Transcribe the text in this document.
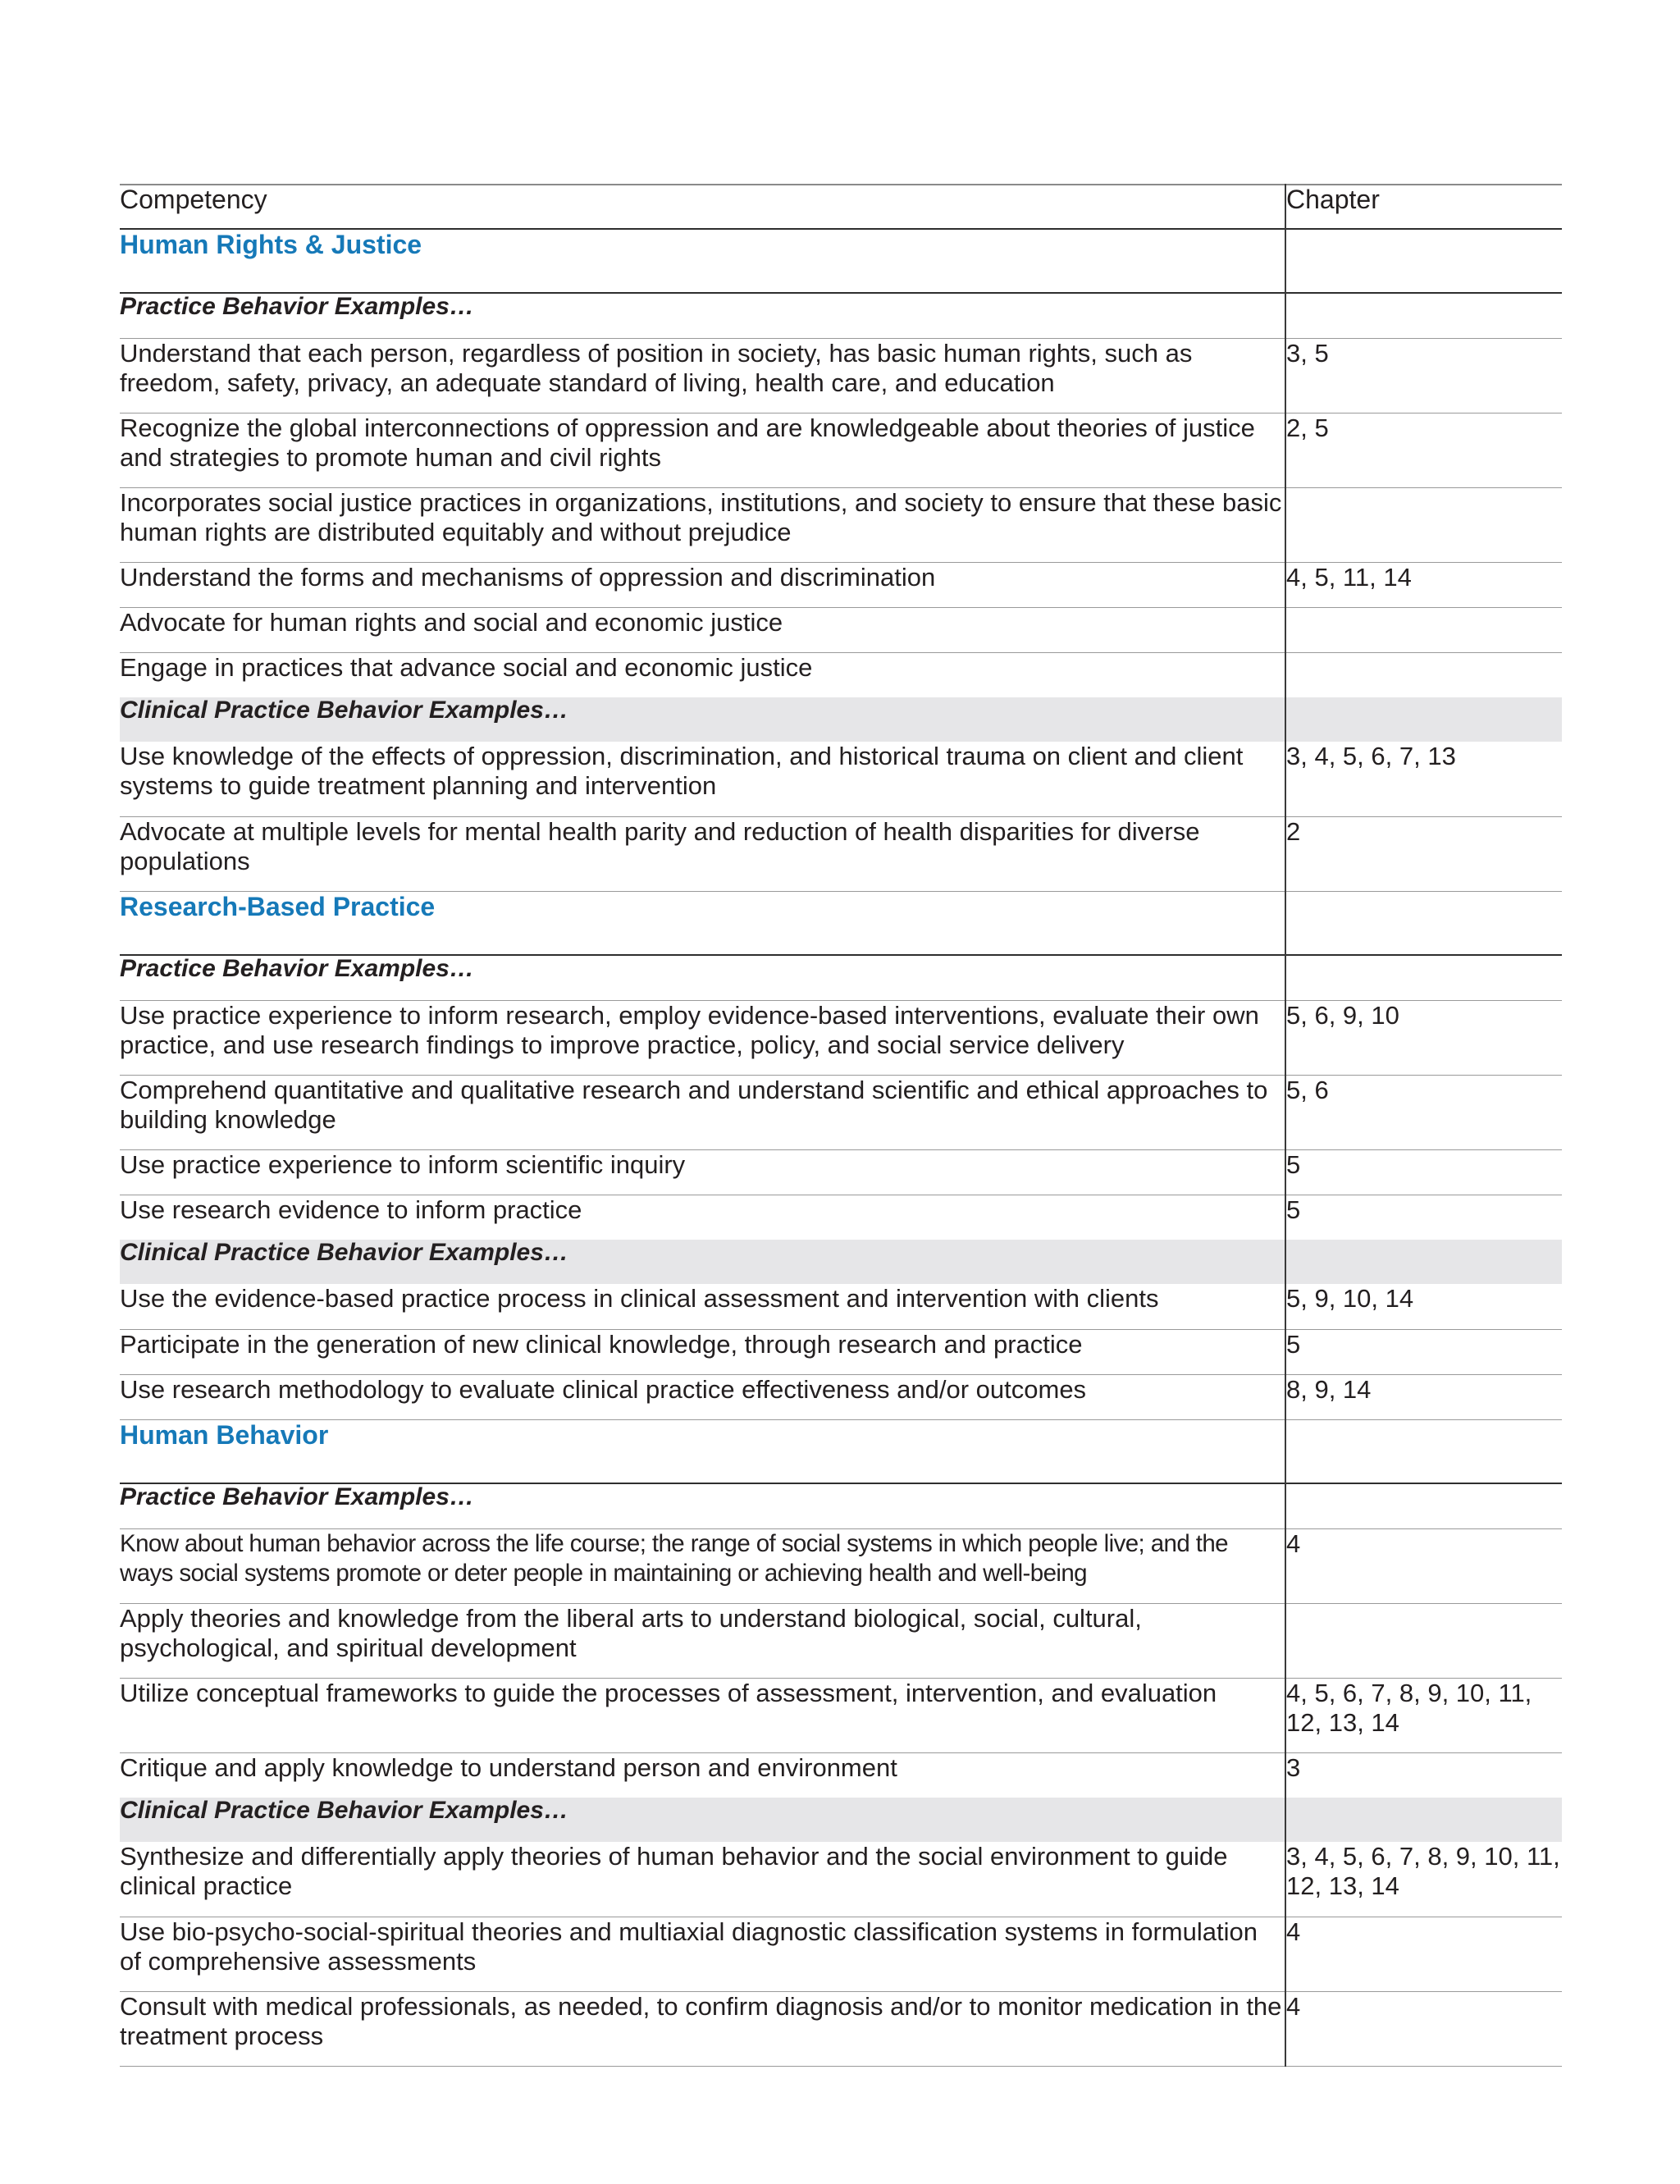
Competency	Chapter
Human Rights & Justice	
Practice Behavior Examples…	
Understand that each person, regardless of position in society, has basic human rights, such as freedom, safety, privacy, an adequate standard of living, health care, and education	3, 5
Recognize the global interconnections of oppression and are knowledgeable about theories of justice and strategies to promote human and civil rights	2, 5
Incorporates social justice practices in organizations, institutions, and society to ensure that these basic human rights are distributed equitably and without prejudice	
Understand the forms and mechanisms of oppression and discrimination	4, 5, 11, 14
Advocate for human rights and social and economic justice	
Engage in practices that advance social and economic justice	
Clinical Practice Behavior Examples…	
Use knowledge of the effects of oppression, discrimination, and historical trauma on client and client systems to guide treatment planning and intervention	3, 4, 5, 6, 7, 13
Advocate at multiple levels for mental health parity and reduction of health disparities for diverse populations	2
Research-Based Practice	
Practice Behavior Examples…	
Use practice experience to inform research, employ evidence-based interventions, evaluate their own practice, and use research findings to improve practice, policy, and social service delivery	5, 6, 9, 10
Comprehend quantitative and qualitative research and understand scientific and ethical approaches to building knowledge	5, 6
Use practice experience to inform scientific inquiry	5
Use research evidence to inform practice	5
Clinical Practice Behavior Examples…	
Use the evidence-based practice process in clinical assessment and intervention with clients	5, 9, 10, 14
Participate in the generation of new clinical knowledge, through research and practice	5
Use research methodology to evaluate clinical practice effectiveness and/or outcomes	8, 9, 14
Human Behavior	
Practice Behavior Examples…	
Know about human behavior across the life course; the range of social systems in which people live; and the ways social systems promote or deter people in maintaining or achieving health and well-being	4
Apply theories and knowledge from the liberal arts to understand biological, social, cultural, psychological, and spiritual development	
Utilize conceptual frameworks to guide the processes of assessment, intervention, and evaluation	4, 5, 6, 7, 8, 9, 10, 11, 12, 13, 14
Critique and apply knowledge to understand person and environment	3
Clinical Practice Behavior Examples…	
Synthesize and differentially apply theories of human behavior and the social environment to guide clinical practice	3, 4, 5, 6, 7, 8, 9, 10, 11, 12, 13, 14
Use bio-psycho-social-spiritual theories and multiaxial diagnostic classification systems in formulation of comprehensive assessments	4
Consult with medical professionals, as needed, to confirm diagnosis and/or to monitor medication in the treatment process	4
